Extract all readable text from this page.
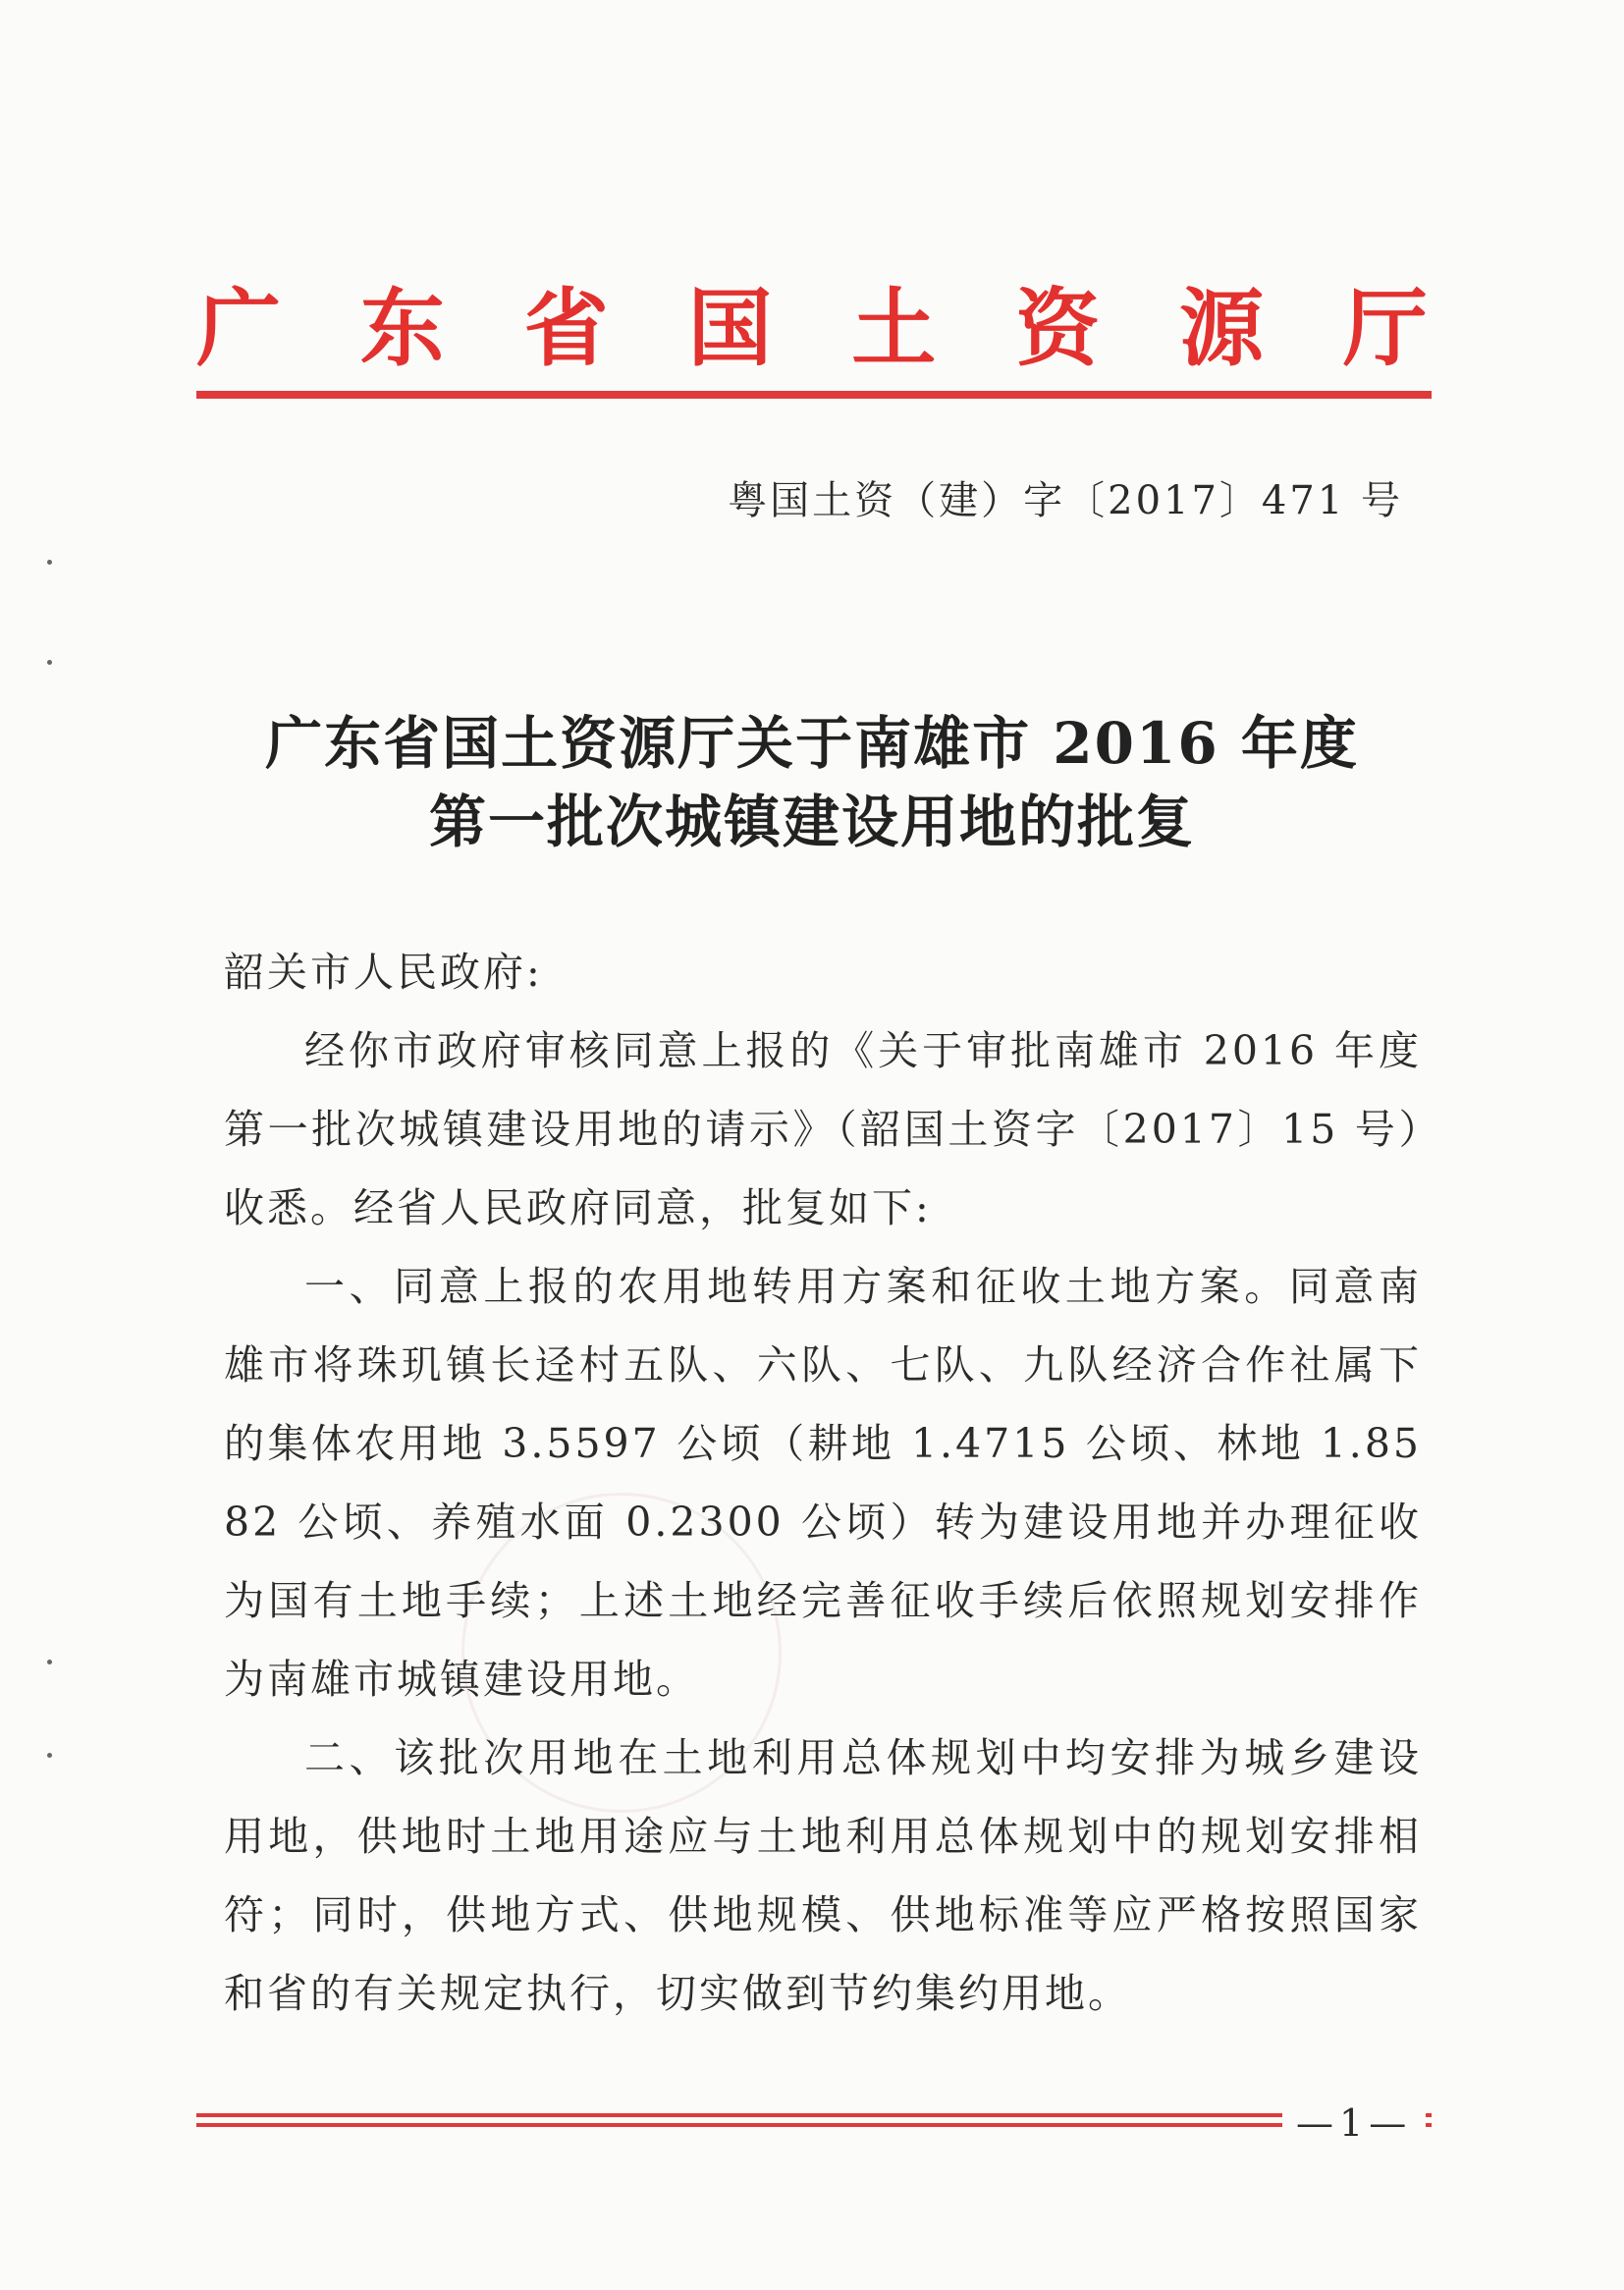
广 东 省 国 土 资 源 厅
粤国土资（建）字〔2017〕471 号
广东省国土资源厅关于南雄市 2016 年度
第一批次城镇建设用地的批复

韶关市人民政府:

经你市政府审核同意上报的《关于审批南雄市 2016 年度第一批次城镇建设用地的请示》（韶国土资字〔2017〕15 号）收悉。经省人民政府同意，批复如下:

一、同意上报的农用地转用方案和征收土地方案。同意南雄市将珠玑镇长迳村五队、六队、七队、九队经济合作社属下的集体农用地 3.5597 公顷（耕地 1.4715 公顷、林地 1.8582 公顷、养殖水面 0.2300 公顷）转为建设用地并办理征收为国有土地手续；上述土地经完善征收手续后依照规划安排作为南雄市城镇建设用地。

二、该批次用地在土地利用总体规划中均安排为城乡建设用地，供地时土地用途应与土地利用总体规划中的规划安排相符；同时，供地方式、供地规模、供地标准等应严格按照国家和省的有关规定执行，切实做到节约集约用地。

—1—
